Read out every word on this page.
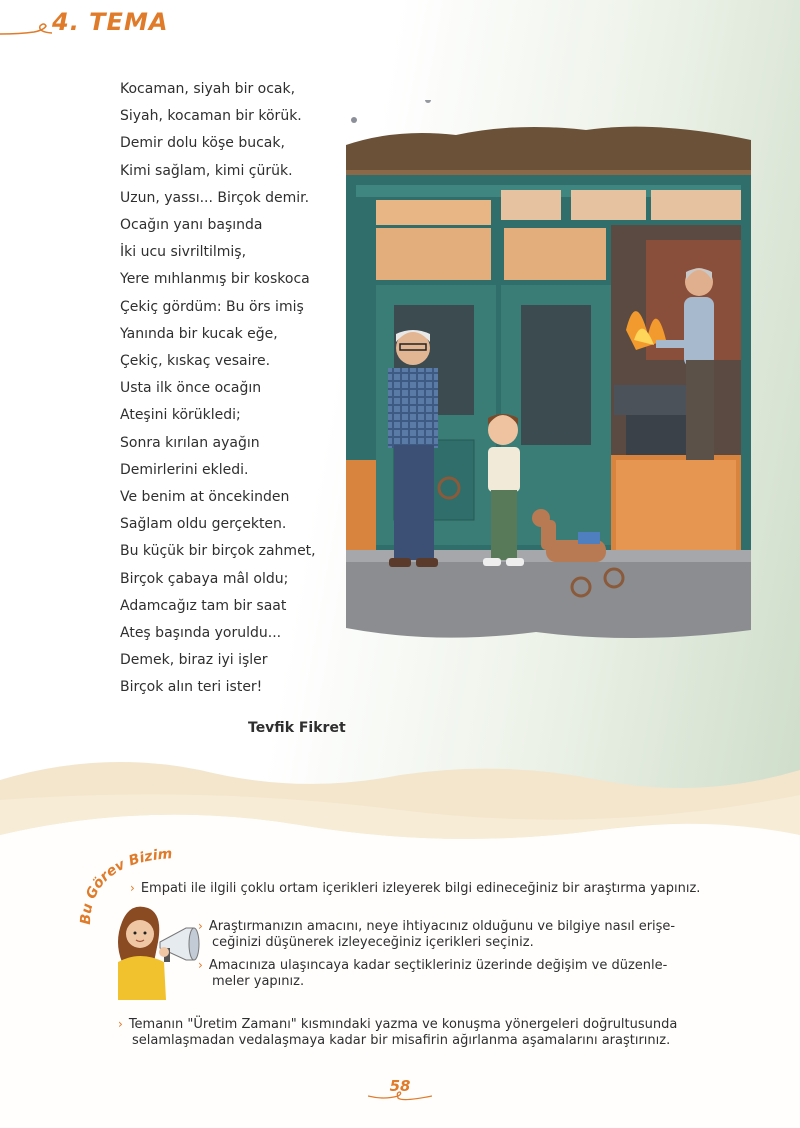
4. TEMA
Kocaman, siyah bir ocak,
Siyah, kocaman bir körük.
Demir dolu köşe bucak,
Kimi sağlam, kimi çürük.
Uzun, yassı... Birçok demir.
Ocağın yanı başında
İki ucu sivriltilmiş,
Yere mıhlanmış bir koskoca
Çekiç gördüm: Bu örs imiş
Yanında bir kucak eğe,
Çekiç, kıskaç vesaire.
Usta ilk önce ocağın
Ateşini körükledi;
Sonra kırılan ayağın
Demirlerini ekledi.
Ve benim at öncekinden
Sağlam oldu gerçekten.
Bu küçük bir birçok zahmet,
Birçok çabaya mâl oldu;
Adamcağız tam bir saat
Ateş başında yoruldu...
Demek, biraz iyi işler
Birçok alın teri ister!
Tevfik Fikret
Bu Görev Bizim
› Empati ile ilgili çoklu ortam içerikleri izleyerek bilgi edineceğiniz bir araştırma yapınız.
› Araştırmanızın amacını, neye ihtiyacınız olduğunu ve bilgiye nasıl erişe-
ceğinizi düşünerek izleyeceğiniz içerikleri seçiniz.
› Amacınıza ulaşıncaya kadar seçtikleriniz üzerinde değişim ve düzenle-
meler yapınız.
› Temanın "Üretim Zamanı" kısmındaki yazma ve konuşma yönergeleri doğrultusunda
selamlaşmadan vedalaşmaya kadar bir misafirin ağırlanma aşamalarını araştırınız.
58
